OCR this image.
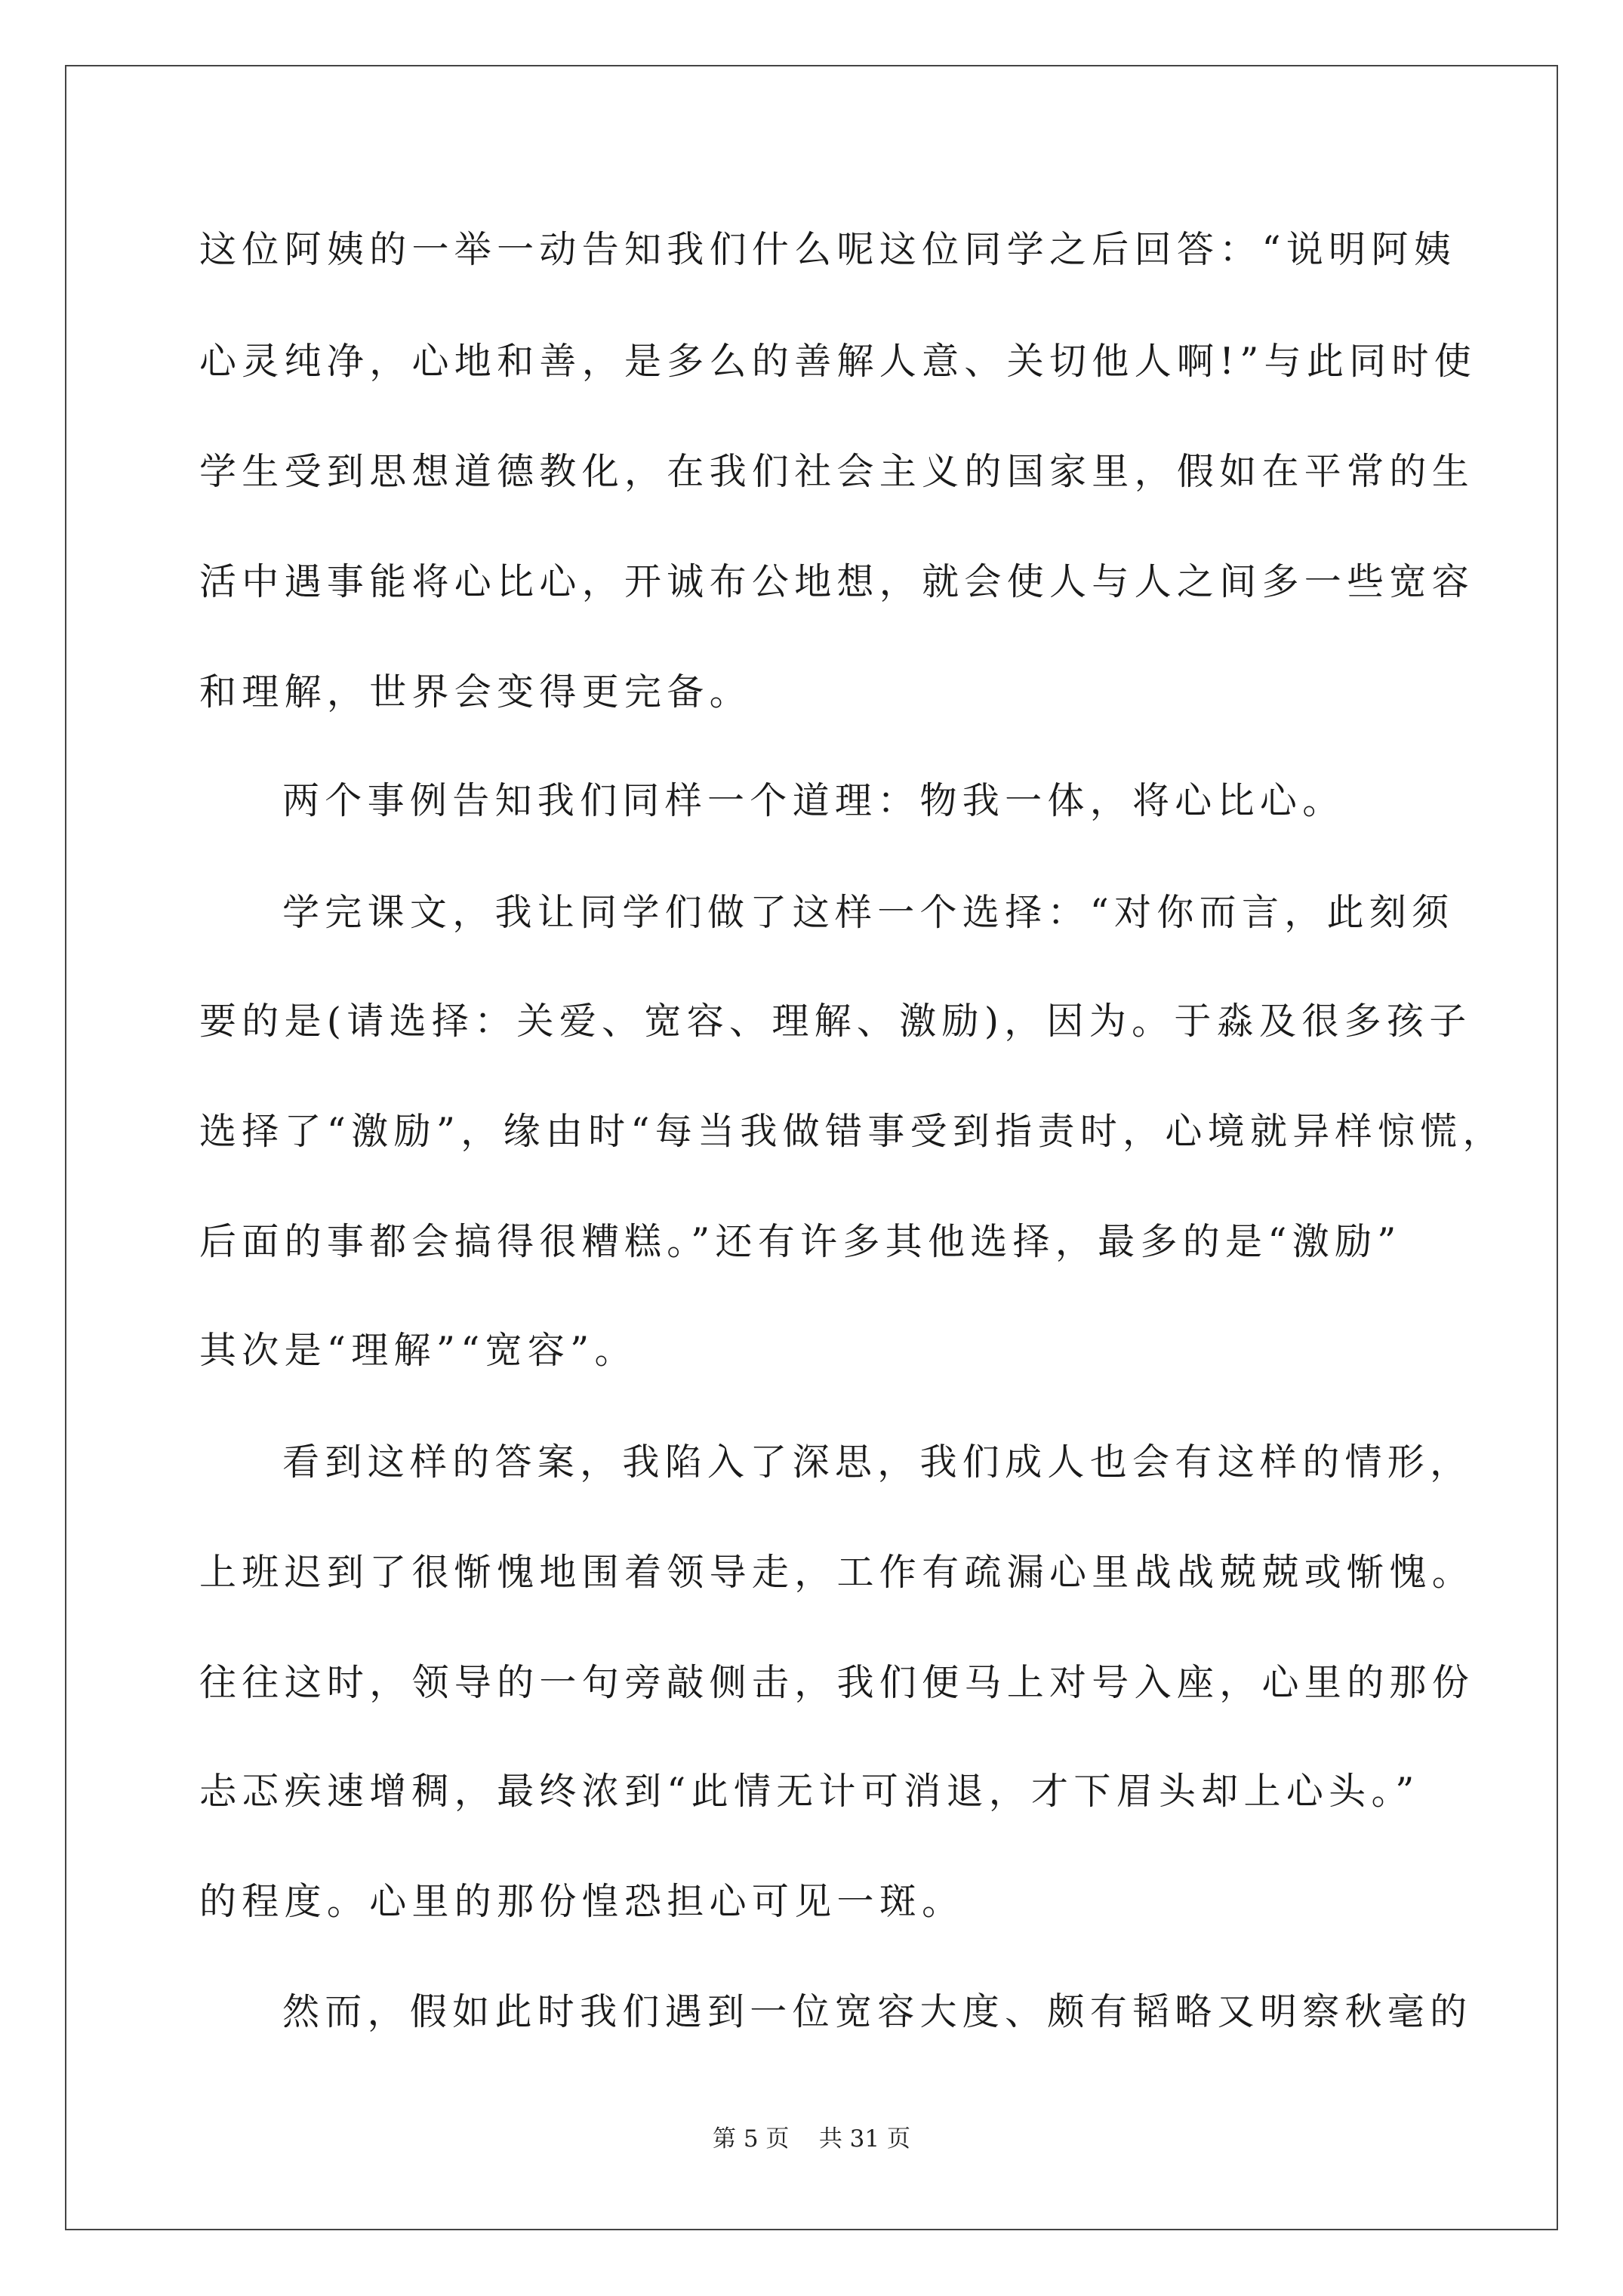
这位阿姨的一举一动告知我们什么呢这位同学之后回答：“说明阿姨
心灵纯净，心地和善，是多么的善解人意、关切他人啊!”与此同时使
学生受到思想道德教化，在我们社会主义的国家里，假如在平常的生
活中遇事能将心比心，开诚布公地想，就会使人与人之间多一些宽容
和理解，世界会变得更完备。
两个事例告知我们同样一个道理：物我一体，将心比心。
学完课文，我让同学们做了这样一个选择：“对你而言，此刻须
要的是(请选择：关爱、宽容、理解、激励)，因为。于淼及很多孩子
选择了“激励”，缘由时“每当我做错事受到指责时，心境就异样惊慌，
后面的事都会搞得很糟糕。”还有许多其他选择，最多的是“激励”
其次是“理解”“宽容”。
看到这样的答案，我陷入了深思，我们成人也会有这样的情形，
上班迟到了很惭愧地围着领导走，工作有疏漏心里战战兢兢或惭愧。
往往这时，领导的一句旁敲侧击，我们便马上对号入座，心里的那份
忐忑疾速增稠，最终浓到“此情无计可消退，才下眉头却上心头。”
的程度。心里的那份惶恐担心可见一斑。
然而，假如此时我们遇到一位宽容大度、颇有韬略又明察秋毫的
第 5 页    共 31 页
